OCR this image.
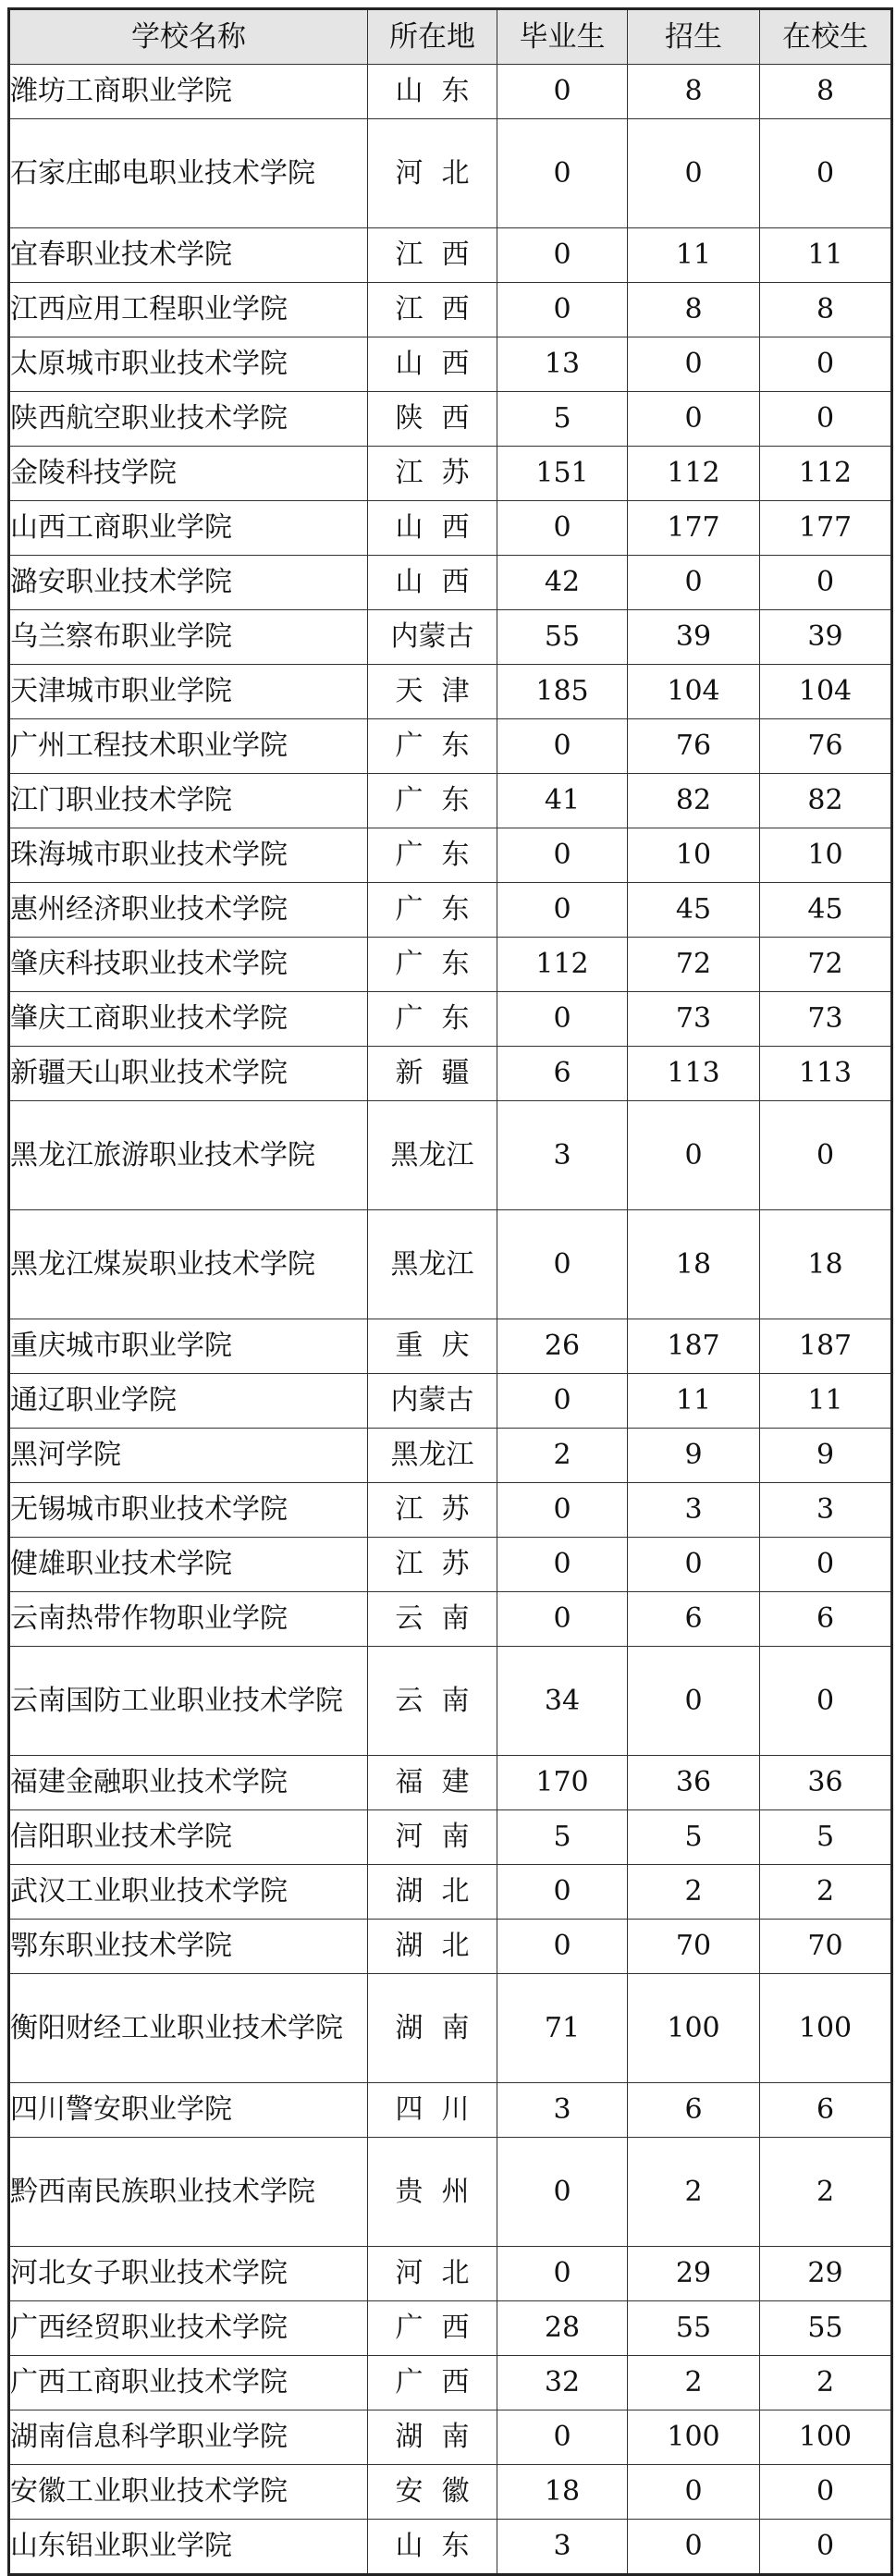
学校名称	所在地	毕业生	招生	在校生
潍坊工商职业学院	山东	0	8	8
石家庄邮电职业技术学院	河北	0	0	0
宜春职业技术学院	江西	0	11	11
江西应用工程职业学院	江西	0	8	8
太原城市职业技术学院	山西	13	0	0
陕西航空职业技术学院	陕西	5	0	0
金陵科技学院	江苏	151	112	112
山西工商职业学院	山西	0	177	177
潞安职业技术学院	山西	42	0	0
乌兰察布职业学院	内蒙古	55	39	39
天津城市职业学院	天津	185	104	104
广州工程技术职业学院	广东	0	76	76
江门职业技术学院	广东	41	82	82
珠海城市职业技术学院	广东	0	10	10
惠州经济职业技术学院	广东	0	45	45
肇庆科技职业技术学院	广东	112	72	72
肇庆工商职业技术学院	广东	0	73	73
新疆天山职业技术学院	新疆	6	113	113
黑龙江旅游职业技术学院	黑龙江	3	0	0
黑龙江煤炭职业技术学院	黑龙江	0	18	18
重庆城市职业学院	重庆	26	187	187
通辽职业学院	内蒙古	0	11	11
黑河学院	黑龙江	2	9	9
无锡城市职业技术学院	江苏	0	3	3
健雄职业技术学院	江苏	0	0	0
云南热带作物职业学院	云南	0	6	6
云南国防工业职业技术学院	云南	34	0	0
福建金融职业技术学院	福建	170	36	36
信阳职业技术学院	河南	5	5	5
武汉工业职业技术学院	湖北	0	2	2
鄂东职业技术学院	湖北	0	70	70
衡阳财经工业职业技术学院	湖南	71	100	100
四川警安职业学院	四川	3	6	6
黔西南民族职业技术学院	贵州	0	2	2
河北女子职业技术学院	河北	0	29	29
广西经贸职业技术学院	广西	28	55	55
广西工商职业技术学院	广西	32	2	2
湖南信息科学职业学院	湖南	0	100	100
安徽工业职业技术学院	安徽	18	0	0
山东铝业职业学院	山东	3	0	0
